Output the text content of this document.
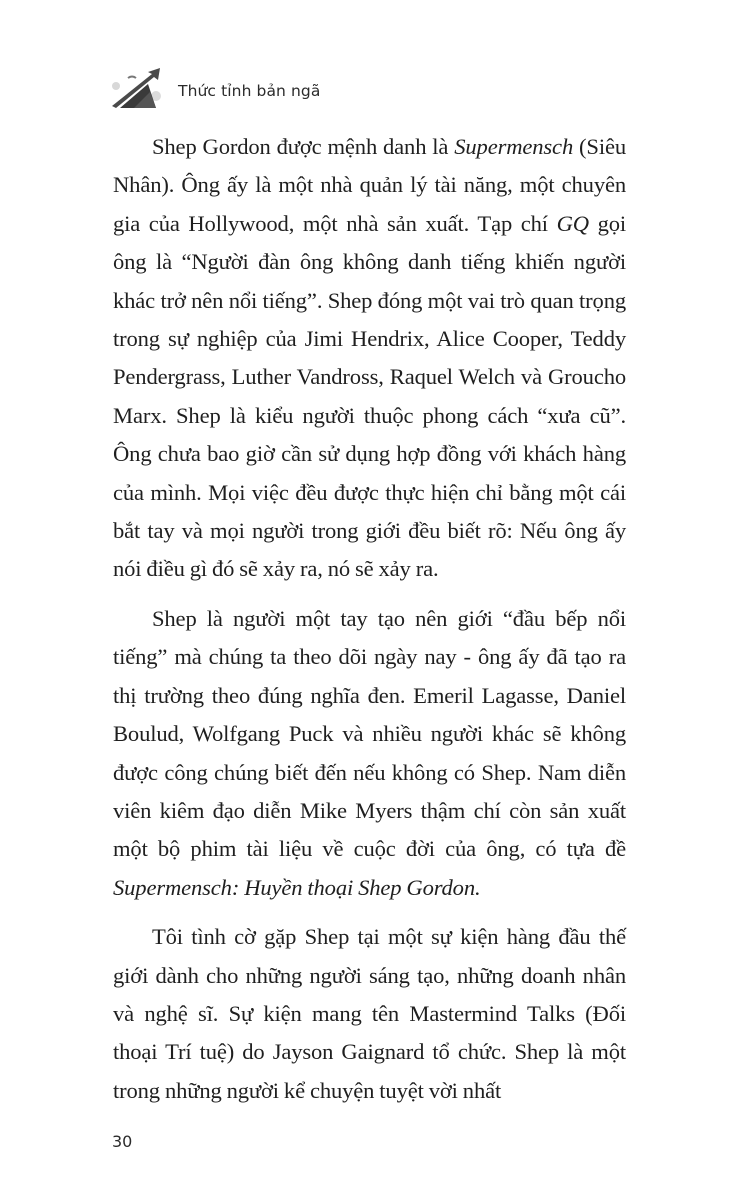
Thức tỉnh bản ngã

Shep Gordon được mệnh danh là Supermensch (Siêu Nhân). Ông ấy là một nhà quản lý tài năng, một chuyên gia của Hollywood, một nhà sản xuất. Tạp chí GQ gọi ông là “Người đàn ông không danh tiếng khiến người khác trở nên nổi tiếng”. Shep đóng một vai trò quan trọng trong sự nghiệp của Jimi Hendrix, Alice Cooper, Teddy Pendergrass, Luther Vandross, Raquel Welch và Groucho Marx. Shep là kiểu người thuộc phong cách “xưa cũ”. Ông chưa bao giờ cần sử dụng hợp đồng với khách hàng của mình. Mọi việc đều được thực hiện chỉ bằng một cái bắt tay và mọi người trong giới đều biết rõ: Nếu ông ấy nói điều gì đó sẽ xảy ra, nó sẽ xảy ra.

Shep là người một tay tạo nên giới “đầu bếp nổi tiếng” mà chúng ta theo dõi ngày nay - ông ấy đã tạo ra thị trường theo đúng nghĩa đen. Emeril Lagasse, Daniel Boulud, Wolfgang Puck và nhiều người khác sẽ không được công chúng biết đến nếu không có Shep. Nam diễn viên kiêm đạo diễn Mike Myers thậm chí còn sản xuất một bộ phim tài liệu về cuộc đời của ông, có tựa đề Supermensch: Huyền thoại Shep Gordon.

Tôi tình cờ gặp Shep tại một sự kiện hàng đầu thế giới dành cho những người sáng tạo, những doanh nhân và nghệ sĩ. Sự kiện mang tên Mastermind Talks (Đối thoại Trí tuệ) do Jayson Gaignard tổ chức. Shep là một trong những người kể chuyện tuyệt vời nhất

30
